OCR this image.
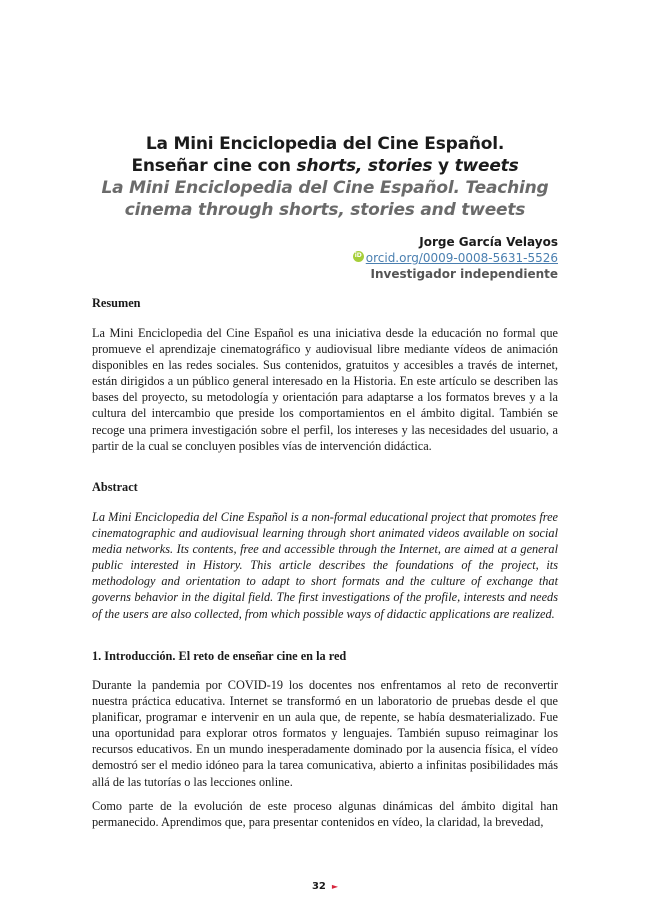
La Mini Enciclopedia del Cine Español.
Enseñar cine con shorts, stories y tweets
La Mini Enciclopedia del Cine Español. Teaching
cinema through shorts, stories and tweets
Jorge García Velayos
iD orcid.org/0009-0008-5631-5526
Investigador independiente
Resumen

La Mini Enciclopedia del Cine Español es una iniciativa desde la educación no formal que promueve el aprendizaje cinematográfico y audiovisual libre mediante vídeos de animación disponibles en las redes sociales. Sus contenidos, gratuitos y accesibles a través de internet, están dirigidos a un público general interesado en la Historia. En este artículo se describen las bases del proyecto, su metodología y orientación para adaptarse a los formatos breves y a la cultura del intercambio que preside los comportamientos en el ámbito digital. También se recoge una primera investigación sobre el perfil, los intereses y las necesidades del usuario, a partir de la cual se concluyen posibles vías de intervención didáctica.

Abstract

La Mini Enciclopedia del Cine Español is a non-formal educational project that promotes free cinematographic and audiovisual learning through short animated videos available on social media networks. Its contents, free and accessible through the Internet, are aimed at a general public interested in History. This article describes the foundations of the project, its methodology and orientation to adapt to short formats and the culture of exchange that governs behavior in the digital field. The first investigations of the profile, interests and needs of the users are also collected, from which possible ways of didactic applications are realized.

1. Introducción. El reto de enseñar cine en la red

Durante la pandemia por COVID-19 los docentes nos enfrentamos al reto de reconvertir nuestra práctica educativa. Internet se transformó en un laboratorio de pruebas desde el que planificar, programar e intervenir en un aula que, de repente, se había desmaterializado. Fue una oportunidad para explorar otros formatos y lenguajes. También supuso reimaginar los recursos educativos. En un mundo inesperadamente dominado por la ausencia física, el vídeo demostró ser el medio idóneo para la tarea comunicativa, abierto a infinitas posibilidades más allá de las tutorías o las lecciones online.

Como parte de la evolución de este proceso algunas dinámicas del ámbito digital han permanecido. Aprendimos que, para presentar contenidos en vídeo, la claridad, la brevedad,

32 ►
